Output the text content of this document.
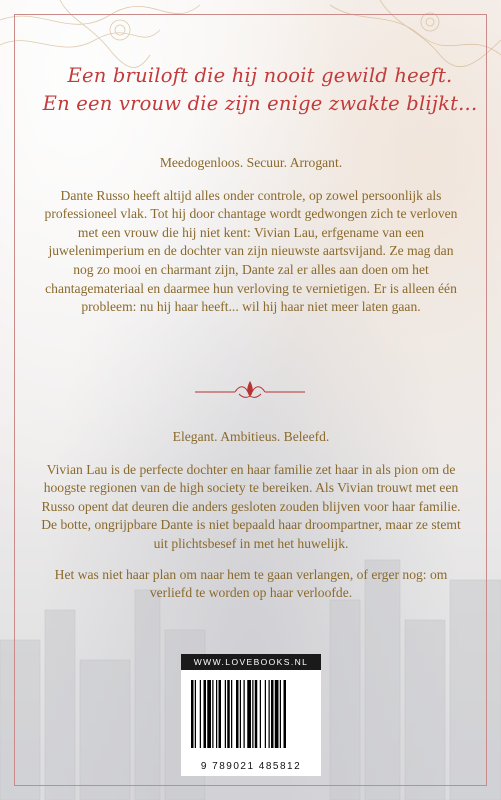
Een bruiloft die hij nooit gewild heeft.
En een vrouw die zijn enige zwakte blijkt...
Meedogenloos. Secuur. Arrogant.

Dante Russo heeft altijd alles onder controle, op zowel persoonlijk als professioneel vlak. Tot hij door chantage wordt gedwongen zich te verloven met een vrouw die hij niet kent: Vivian Lau, erfgename van een juwelenimperium en de dochter van zijn nieuwste aartsvijand. Ze mag dan nog zo mooi en charmant zijn, Dante zal er alles aan doen om het chantagemateriaal en daarmee hun verloving te vernietigen. Er is alleen één probleem: nu hij haar heeft... wil hij haar niet meer laten gaan.

Elegant. Ambitieus. Beleefd.

Vivian Lau is de perfecte dochter en haar familie zet haar in als pion om de hoogste regionen van de high society te bereiken. Als Vivian trouwt met een Russo opent dat deuren die anders gesloten zouden blijven voor haar familie. De botte, ongrijpbare Dante is niet bepaald haar droompartner, maar ze stemt uit plichtsbesef in met het huwelijk.

Het was niet haar plan om naar hem te gaan verlangen, of erger nog: om verliefd te worden op haar verloofde.

WWW.LOVEBOOKS.NL
9 789021 485812
